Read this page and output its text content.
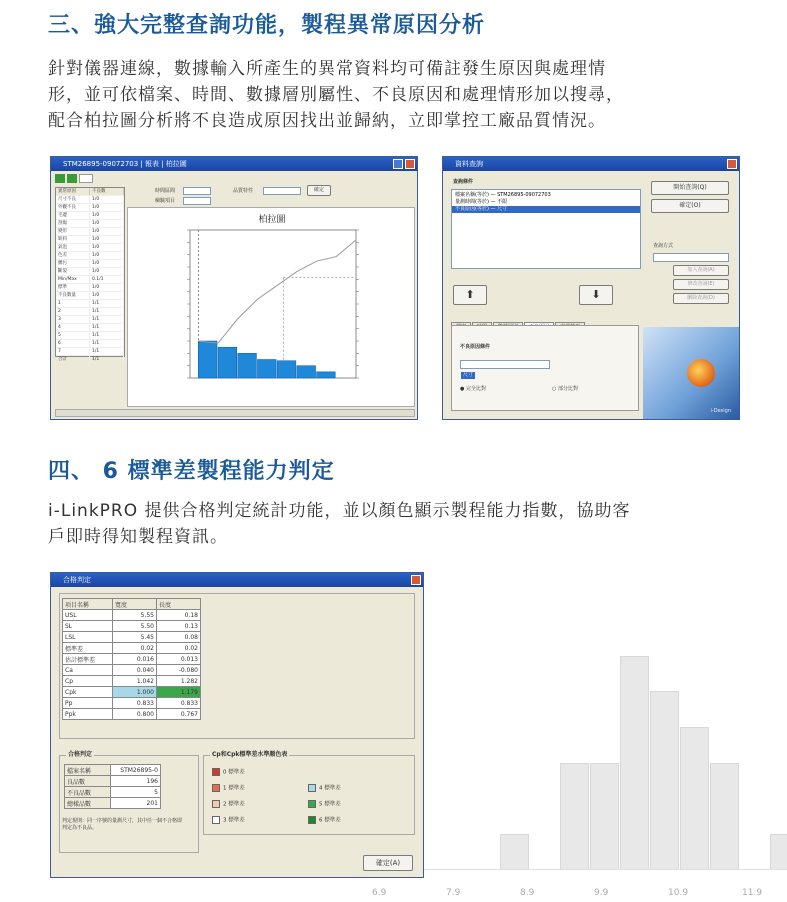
三、強大完整查詢功能，製程異常原因分析
針對儀器連線，數據輸入所產生的異常資料均可備註發生原因與處理情
形，並可依檔案、時間、數據層別屬性、不良原因和處理情形加以搜尋，
配合柏拉圖分析將不良造成原因找出並歸納，立即掌控工廠品質情況。
STM26895-09072703 | 報表 | 柏拉圖
異常原因	不良數
尺寸不良	1/0
外觀不良	1/0
毛邊	1/0
刮傷	1/0
變形	1/0
缺料	1/0
氣泡	1/0
色差	1/0
髒污	1/0
斷裂	1/0
Min/Max	0.1/1
標準	1/0
不良數量	1/0
1	1/1
2	1/1
3	1/1
4	1/1
5	1/1
6	1/1
7	1/1
合計	1/1
時間區間
檢驗項目
品質特性	確定
柏拉圖
資料查詢
查詢條件
檔案名稱(等於) — STM26895-09072703
量測時間(等於) — 不限
不良原因(等於) — 尺寸
開始查詢(Q)
確定(O)
查詢方式
加入查詢(A)
修改查詢(E)
刪除查詢(D)
⬆	⬇
不良原因條件
尺寸
● 完全比對	○ 部分比對
i-Design
四、 6 標準差製程能力判定
i-LinkPRO 提供合格判定統計功能，並以顏色顯示製程能力指數，協助客
戶即時得知製程資訊。
6.9	7.9	8.9	9.9	10.9	11.9
合格判定
項目名稱	寬度	長度
USL	5.55	0.18
SL	5.50	0.13
LSL	5.45	0.08
標準差	0.02	0.02
估計標準差	0.016	0.013
Ca	0.040	-0.080
Cp	1.042	1.282
Cpk	1.000	1.179
Pp	0.833	0.833
Ppk	0.800	0.767
合格判定
檔案名稱	STM26895-0
良品數	196
不良品數	5
總樣品數	201
判定規則：同一序號的量測尺寸，其中任一個不合格即判定為不良品。
Cp和Cpk標準差水準顏色表
0 標準差
1 標準差
2 標準差
3 標準差
4 標準差
5 標準差
6 標準差
確定(A)
